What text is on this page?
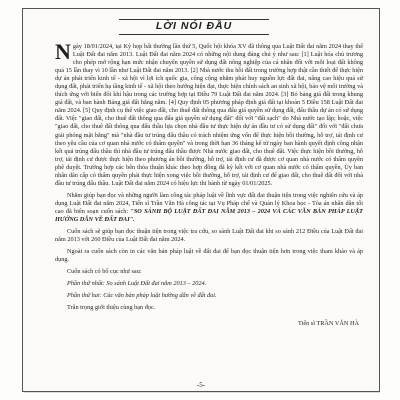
LỜI NÓI ĐẦU

Ngày 18/01/2024, tại Kỳ họp bất thường lần thứ 5, Quốc hội khóa XV đã thông qua Luật Đất đai năm 2024 thay thế Luật Đất đai năm 2013. Luật Đất đai năm 2024 có những nội dung đáng chú ý như sau: [1] Luật hóa chủ trương cho phép mở rộng hạn mức nhận chuyển quyền sử dụng đất nông nghiệp của cá nhân đối với mỗi loại đất không quá 15 lần thay vì 10 lần như Luật Đất đai năm 2013. [2] Nhà nước thu hồi đất trong trường hợp thật cần thiết để thực hiện dự án phát triển kinh tế - xã hội vì lợi ích quốc gia, công cộng nhằm phát huy nguồn lực đất đai, nâng cao hiệu quả sử dụng đất, phát triển hạ tầng kinh tế - xã hội theo hướng hiện đại, thực hiện chính sách an sinh xã hội, bảo vệ môi trường và thích ứng với biến đổi khí hậu trong các trường hợp tại Điều 79 Luật Đất đai năm 2024. [3] Bỏ bảng giá đất trong khung giá đất, và ban hành Bảng giá đất hằng năm. [4] Quy định 05 phương pháp định giá đất tại khoản 5 Điều 158 Luật Đất đai năm 2024. [5] Quy định cụ thể việc giao đất, cho thuê đất thông qua đấu giá quyền sử dụng đất, đấu thầu dự án có sử dụng đất. Việc "giao đất, cho thuê đất thông qua đấu giá quyền sử dụng đất" đổi với "đất sạch" do Nhà nước tạo lập; hoặc, việc "giao đất, cho thuê đất thông qua đấu thầu lựa chọn nhà đầu tư thực hiện dự án đầu tư có sử dụng đất" đối với "đất chưa giải phóng mặt bằng" mà "nhà đầu tư trúng đấu thầu có trách nhiệm ứng vốn để thực hiện bồi thường, hỗ trợ, tái định cư theo yêu cầu của cơ quan nhà nước có thẩm quyền" và trong thời hạn 36 tháng kể từ ngày ban hành quyết định công nhận kết quả trúng đấu thầu thì nhà đầu tư trúng đấu thầu được Nhà nước giao đất, cho thuê đất. Việc thực hiện bồi thường, hỗ trợ, tái định cư được thực hiện theo phương án bồi thường, hỗ trợ, tái định cư đã được cơ quan nhà nước có thẩm quyền phê duyệt. Trường hợp các bên thỏa thuận khác theo hợp đồng đã ký kết với cơ quan nhà nước có thẩm quyền, Ủy ban nhân dân cấp có thẩm quyền phải thực hiện xong việc bồi thường, hỗ trợ, tái định cư để giao đất, cho thuê đất đối với nhà đầu tư trúng đấu thầu. Luật Đất đai năm 2024 có hiệu lực thi hành từ ngày 01/01/2025.

Nhằm giúp bạn đọc và những người làm công tác pháp luật về lĩnh vực đất đai thuận tiện trong việc nghiên cứu và áp dụng Luật Đất đai năm 2024, Tiến sĩ Trần Văn Hà công tác tại Vụ Pháp chế và Quản lý Khoa học - Tòa án nhân dân tối cao đã biên soạn cuốn sách: "SO SÁNH BỘ LUẬT ĐẤT ĐAI NĂM 2013 – 2024 VÀ CÁC VĂN BẢN PHÁP LUẬT HƯỚNG DẪN VỀ ĐẤT ĐAI".

Cuốn sách sẽ giúp bạn đọc thuận tiện trong việc tra cứu, so sánh Luật Đất đai khi so sánh 212 Điều của Luật Đất đai năm 2013 với 260 Điều của Luật Đất đai năm 2024.

Ngoài ra cuốn sách còn in các văn bản pháp luật về đất đai để bạn đọc thuận tiện hơn trong việc tham khảo và áp dụng.

Cuốn sách có bố cục như sau:

Phần thứ nhất: So sánh Luật Đất đai năm 2013 – 2024.

Phần thứ hai: Các văn bản pháp luật hướng dẫn về đất đai.

Trân trọng giới thiệu cùng bạn đọc.

Tiến sĩ TRẦN VĂN HÀ

-5-
